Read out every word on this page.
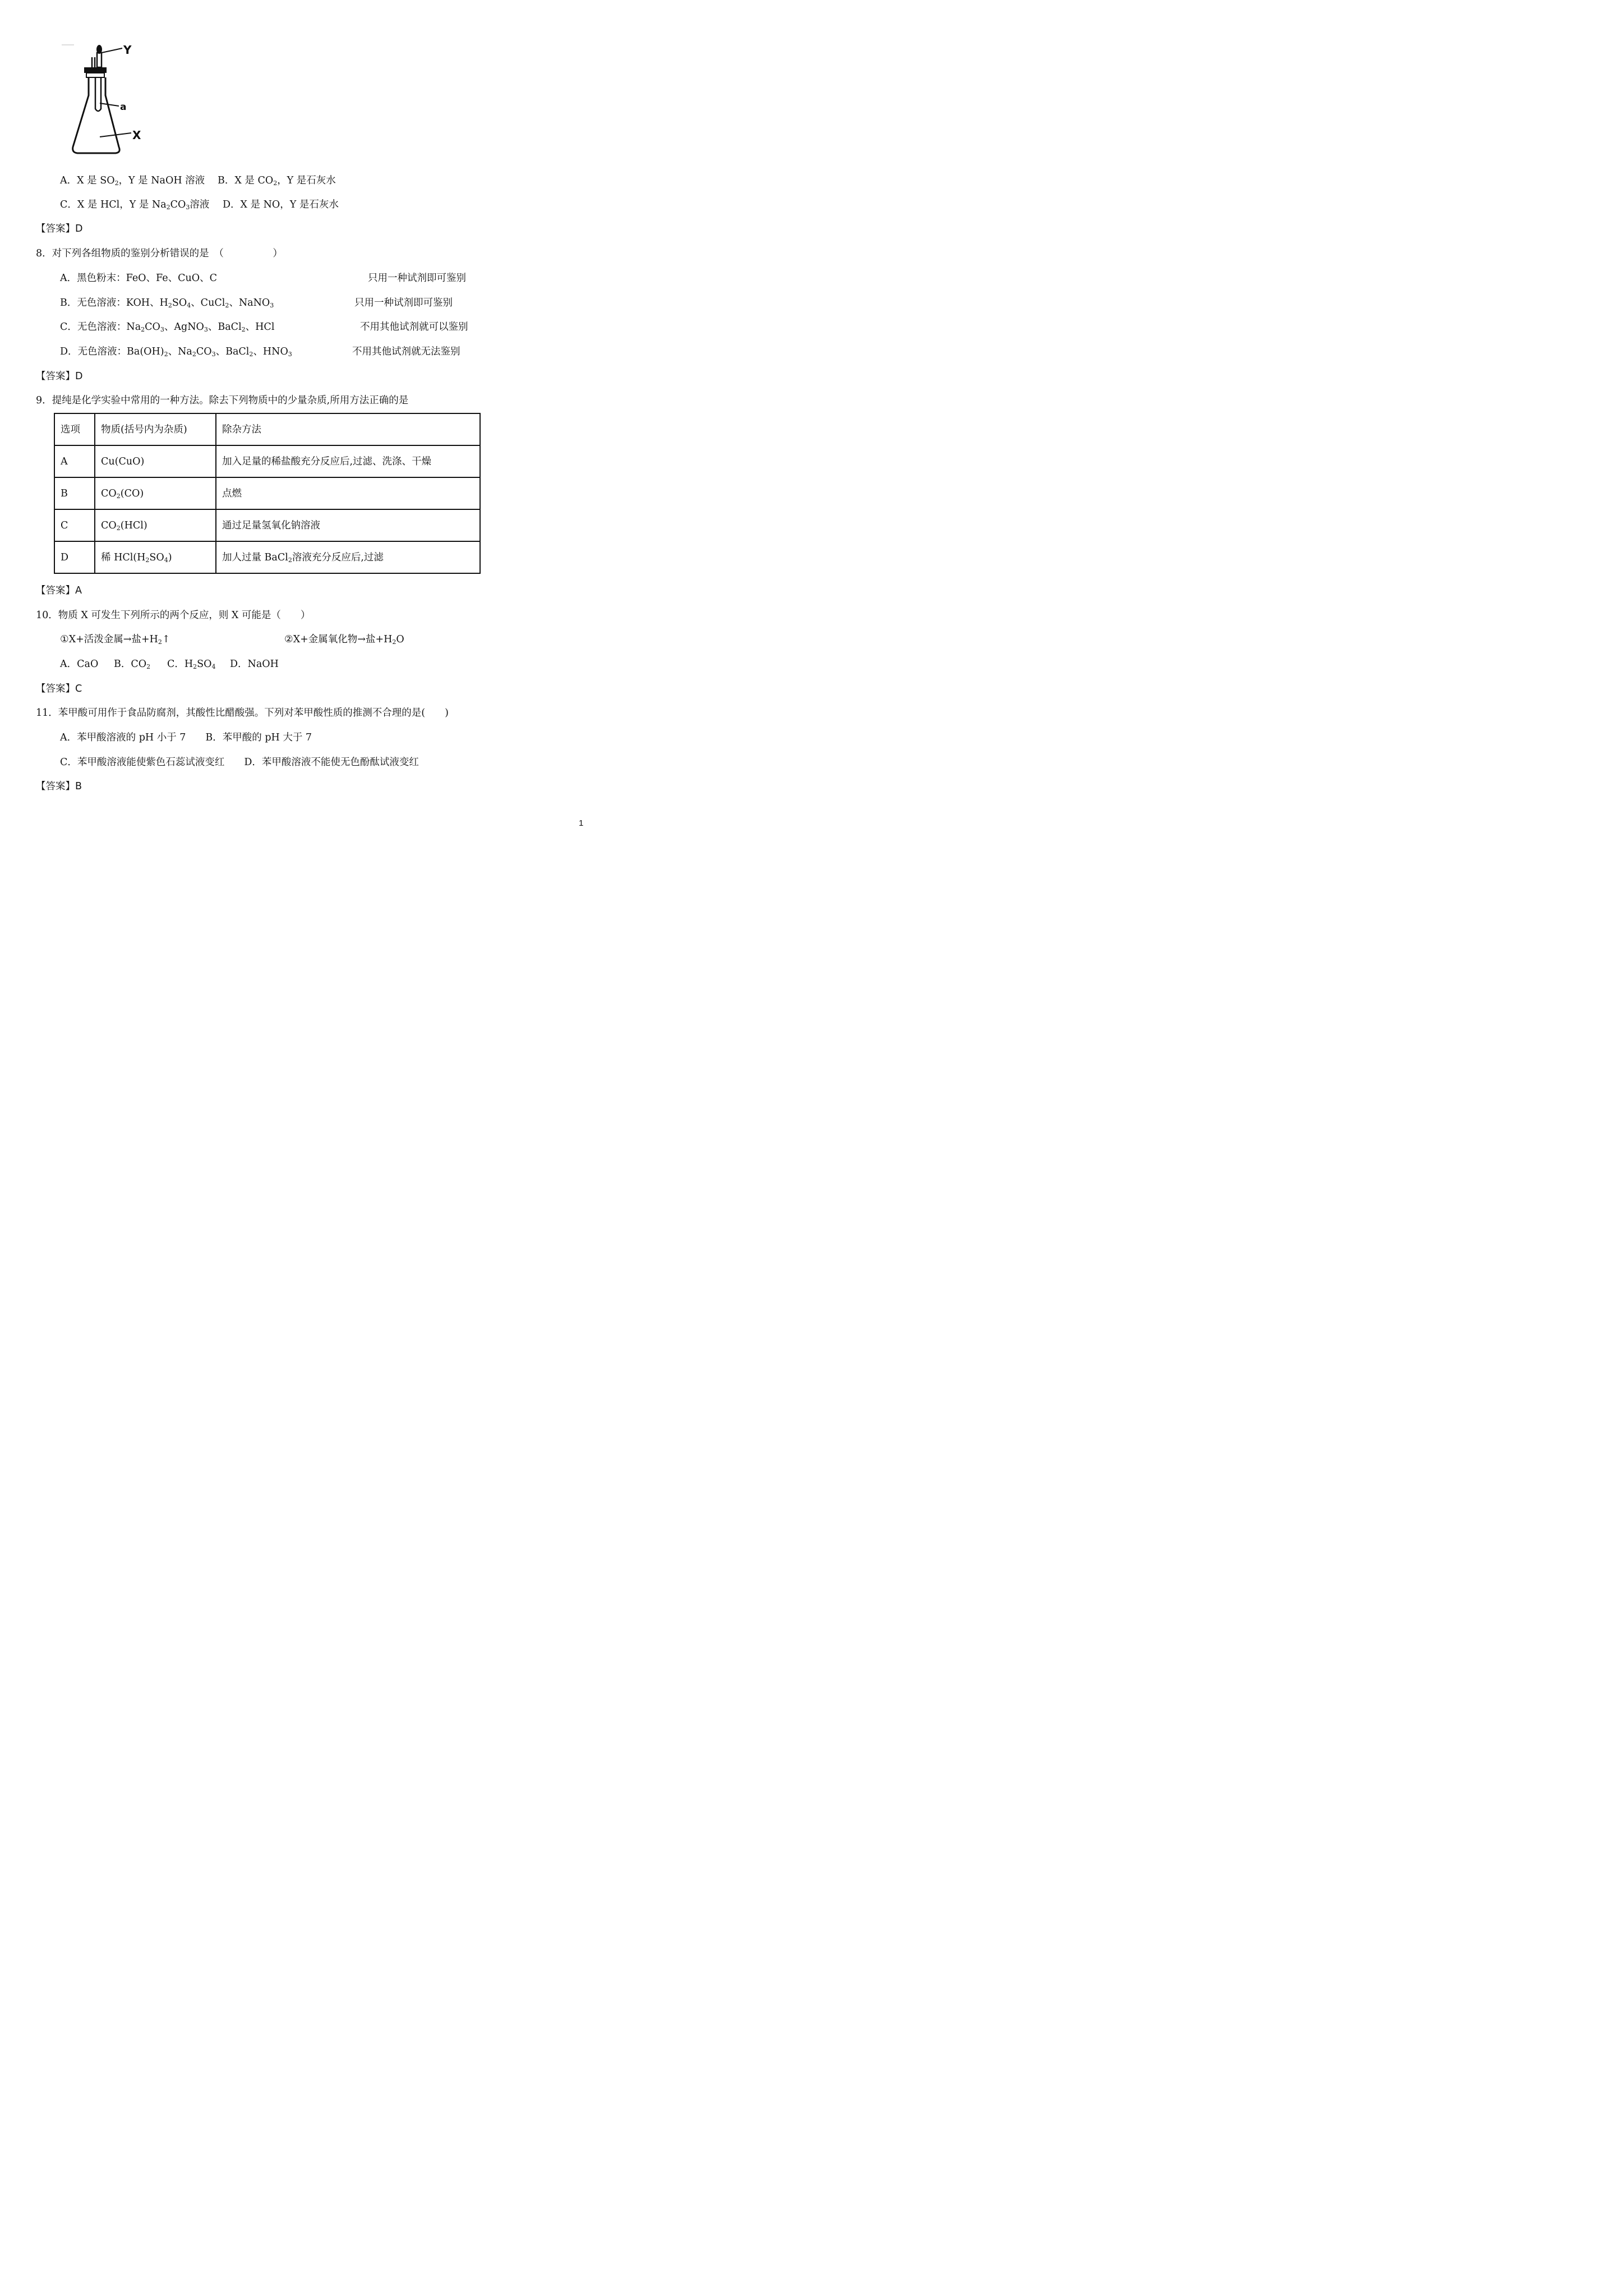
Y
a
X
A．X 是 $SO_2$，Y 是 NaOH 溶液 B．X 是 $CO_2$，Y 是石灰水
C．X 是 HCl，Y 是 $Na_2CO_3$溶液 D．X 是 NO，Y 是石灰水
【答案】D
8．对下列各组物质的鉴别分析错误的是　（　　　　　）
A．黑色粉末：FeO、Fe、CuO、C	只用一种试剂即可鉴别
B．无色溶液：KOH、$H_2SO_4$、CuCl$_2$、NaNO$_3$	只用一种试剂即可鉴别
C．无色溶液：$Na_2CO_3$、AgNO$_3$、BaCl$_2$、HCl	不用其他试剂就可以鉴别
D．无色溶液：$Ba(OH)_2$、$Na_2CO_3$、BaCl$_2$、$HNO_3$	不用其他试剂就无法鉴别
【答案】D
9．提纯是化学实验中常用的一种方法。除去下列物质中的少量杂质,所用方法正确的是
选项	物质(括号内为杂质)	除杂方法
A	Cu(CuO)	加入足量的稀盐酸充分反应后,过滤、洗涤、干燥
B	$CO_2(CO)$	点燃
C	$CO_2(HCl)$	通过足量氢氧化钠溶液
D	稀 $HCl(H_2SO_4)$	加人过量 BaCl$_2$溶液充分反应后,过滤
【答案】A
10．物质 X 可发生下列所示的两个反应，则 X 可能是（　　）
①X+活泼金属→盐$+H_2↑$	②X+金属氧化物→盐$+H_2O$
A．CaO B．$CO_2$ C．$H_2SO_4$ D．NaOH
【答案】C
11．苯甲酸可用作于食品防腐剂，其酸性比醋酸强。下列对苯甲酸性质的推测不合理的是(　　)
A．苯甲酸溶液的 pH 小于 7　　B．苯甲酸的 pH 大于 7
C．苯甲酸溶液能使紫色石蕊试液变红　　D．苯甲酸溶液不能使无色酚酞试液变红
【答案】B
1
